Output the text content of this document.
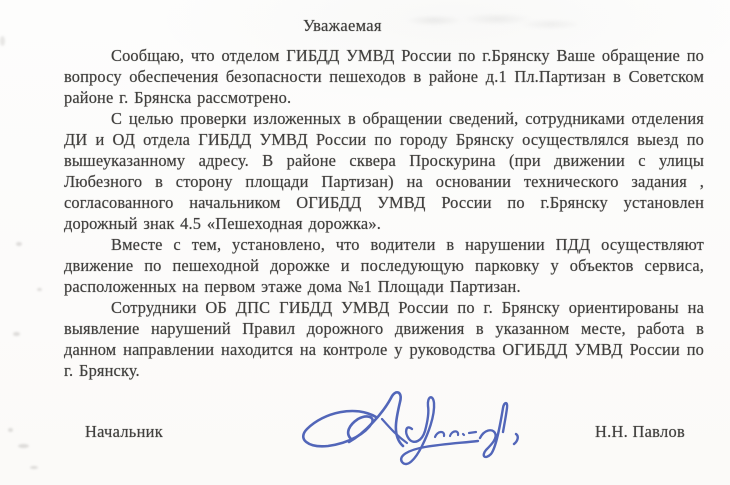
Уважаемая

Сообщаю, что отделом ГИБДД УМВД России по г.Брянску Ваше обращение по вопросу обеспечения безопасности пешеходов в районе д.1 Пл.Партизан в Советском районе г. Брянска рассмотрено.

С целью проверки изложенных в обращении сведений, сотрудниками отделения ДИ и ОД отдела ГИБДД УМВД России по городу Брянску осуществлялся выезд по вышеуказанному адресу. В районе сквера Проскурина (при движении с улицы Любезного в сторону площади Партизан) на основании технического задания , согласованного начальником ОГИБДД УМВД России по г.Брянску установлен дорожный знак 4.5 «Пешеходная дорожка».

Вместе с тем, установлено, что водители в нарушении ПДД осуществляют движение по пешеходной дорожке и последующую парковку у объектов сервиса, расположенных на первом этаже дома №1 Площади Партизан.

Сотрудники ОБ ДПС ГИБДД УМВД России по г. Брянску ориентированы на выявление нарушений Правил дорожного движения в указанном месте, работа в данном направлении находится на контроле у руководства ОГИБДД УМВД России по г. Брянску.

Начальник	Н.Н. Павлов
